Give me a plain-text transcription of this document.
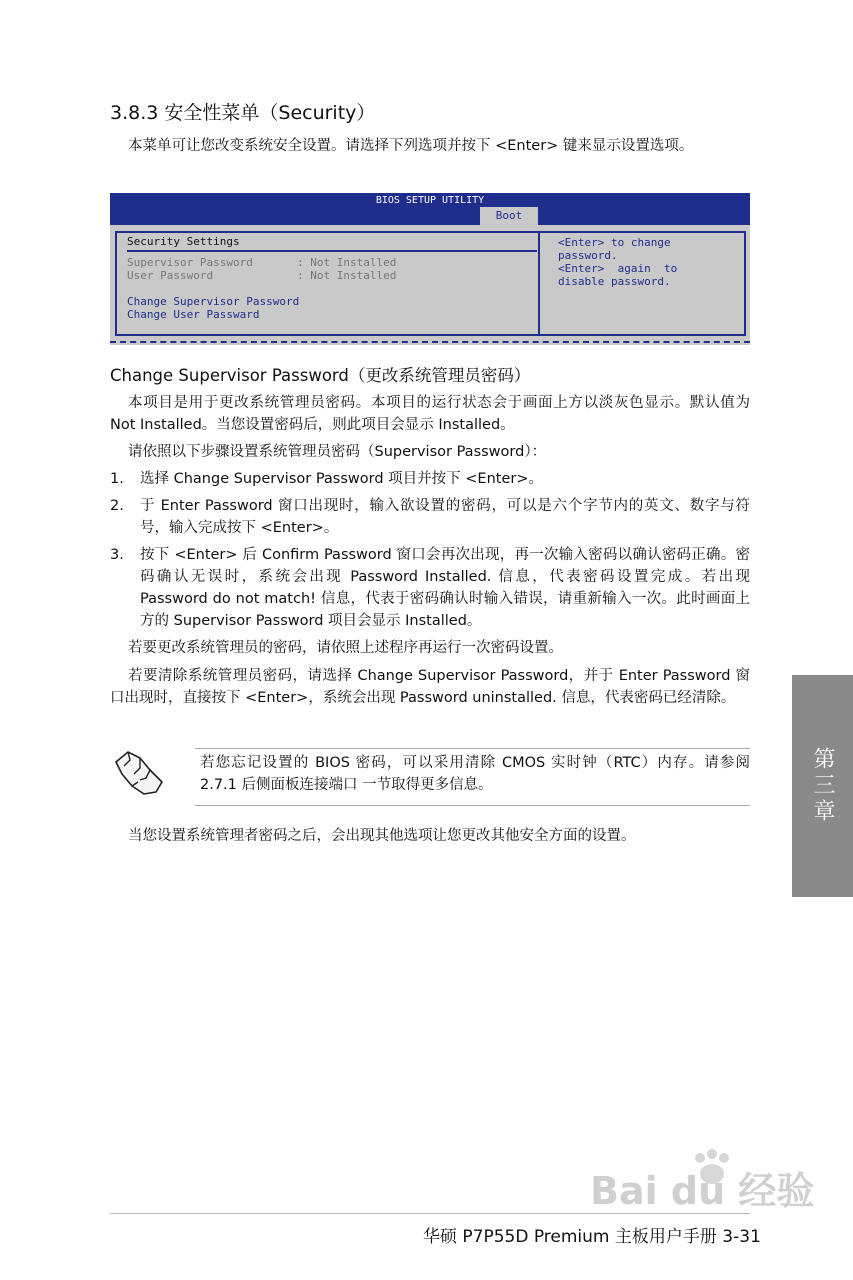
3.8.3 安全性菜单（Security）
本菜单可让您改变系统安全设置。请选择下列选项并按下 <Enter> 键来显示设置选项。
BIOS SETUP UTILITY
Boot
Security Settings
Supervisor Password	: Not Installed
User Password	: Not Installed
Change Supervisor Password
Change User Passward
<Enter> to change
password.
<Enter>  again  to
disable password.
Change Supervisor Password（更改系统管理员密码）
本项目是用于更改系统管理员密码。本项目的运行状态会于画面上方以淡灰色显示。默认值为 Not Installed。当您设置密码后，则此项目会显示 Installed。
请依照以下步骤设置系统管理员密码（Supervisor Password）：
1.	选择 Change Supervisor Password 项目并按下 <Enter>。
2.	于 Enter Password 窗口出现时，输入欲设置的密码，可以是六个字节内的英文、数字与符号，输入完成按下 <Enter>。
3.	按下 <Enter> 后 Confirm Password 窗口会再次出现，再一次输入密码以确认密码正确。密码确认无误时，系统会出现 Password Installed. 信息，代表密码设置完成。若出现 Password do not match! 信息，代表于密码确认时输入错误，请重新输入一次。此时画面上方的 Supervisor Password 项目会显示 Installed。
若要更改系统管理员的密码，请依照上述程序再运行一次密码设置。
若要清除系统管理员密码，请选择 Change Supervisor Password，并于 Enter Password 窗口出现时，直接按下 <Enter>，系统会出现 Password uninstalled. 信息，代表密码已经清除。
若您忘记设置的 BIOS 密码，可以采用清除 CMOS 实时钟（RTC）内存。请参阅 2.7.1 后侧面板连接端口 一节取得更多信息。
当您设置系统管理者密码之后，会出现其他选项让您更改其他安全方面的设置。
第三章
Bai du 经验
华硕 P7P55D Premium 主板用户手册 3-31
